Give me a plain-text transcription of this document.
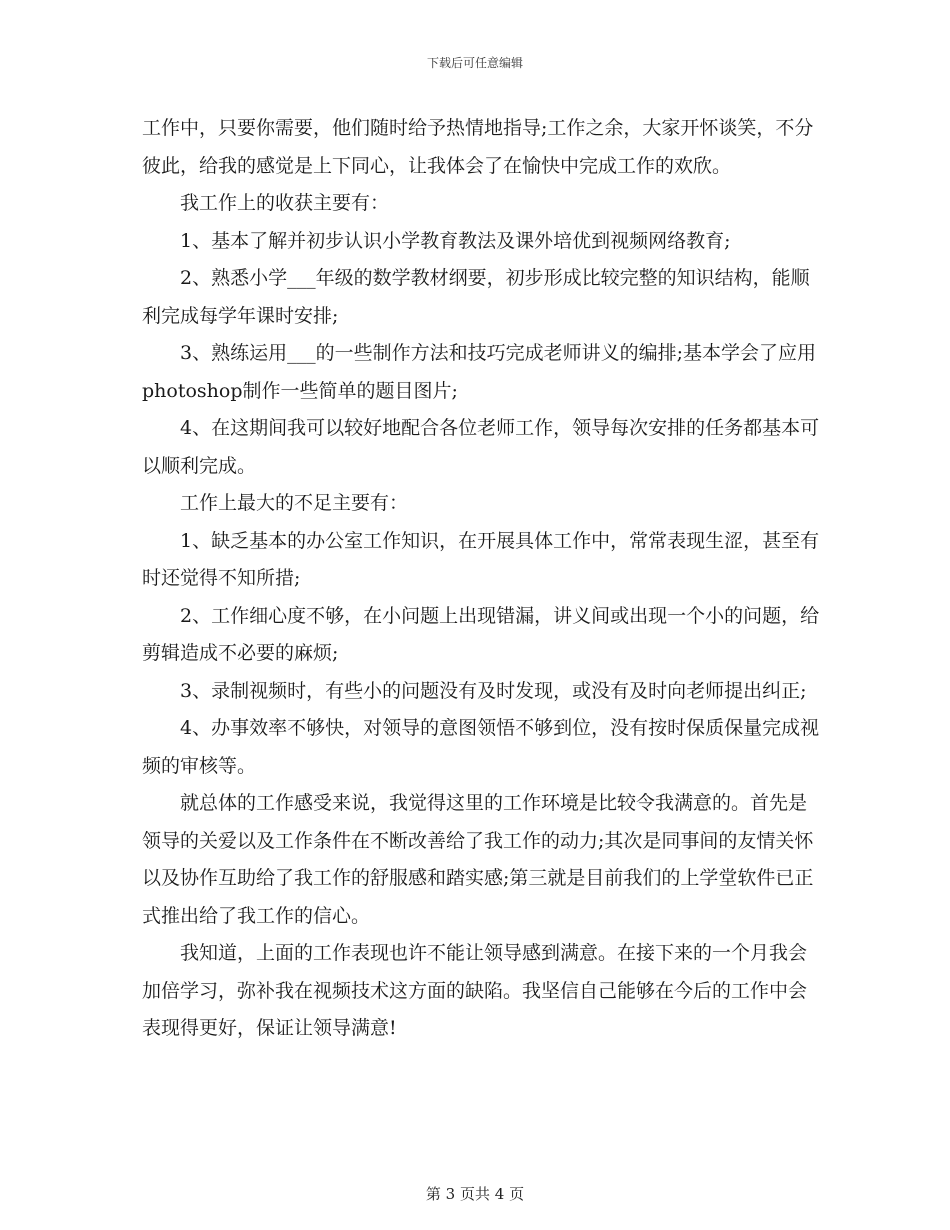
下载后可任意编辑

工作中，只要你需要，他们随时给予热情地指导;工作之余，大家开怀谈笑，不分彼此，给我的感觉是上下同心，让我体会了在愉快中完成工作的欢欣。

我工作上的收获主要有：

1、基本了解并初步认识小学教育教法及课外培优到视频网络教育;

2、熟悉小学___年级的数学教材纲要，初步形成比较完整的知识结构，能顺利完成每学年课时安排;

3、熟练运用___的一些制作方法和技巧完成老师讲义的编排;基本学会了应用photoshop制作一些简单的题目图片;

4、在这期间我可以较好地配合各位老师工作，领导每次安排的任务都基本可以顺利完成。

工作上最大的不足主要有：

1、缺乏基本的办公室工作知识，在开展具体工作中，常常表现生涩，甚至有时还觉得不知所措;

2、工作细心度不够，在小问题上出现错漏，讲义间或出现一个小的问题，给剪辑造成不必要的麻烦;

3、录制视频时，有些小的问题没有及时发现，或没有及时向老师提出纠正;

4、办事效率不够快，对领导的意图领悟不够到位，没有按时保质保量完成视频的审核等。

就总体的工作感受来说，我觉得这里的工作环境是比较令我满意的。首先是领导的关爱以及工作条件在不断改善给了我工作的动力;其次是同事间的友情关怀以及协作互助给了我工作的舒服感和踏实感;第三就是目前我们的上学堂软件已正式推出给了我工作的信心。

我知道，上面的工作表现也许不能让领导感到满意。在接下来的一个月我会加倍学习，弥补我在视频技术这方面的缺陷。我坚信自己能够在今后的工作中会表现得更好，保证让领导满意!

第 3 页共 4 页
